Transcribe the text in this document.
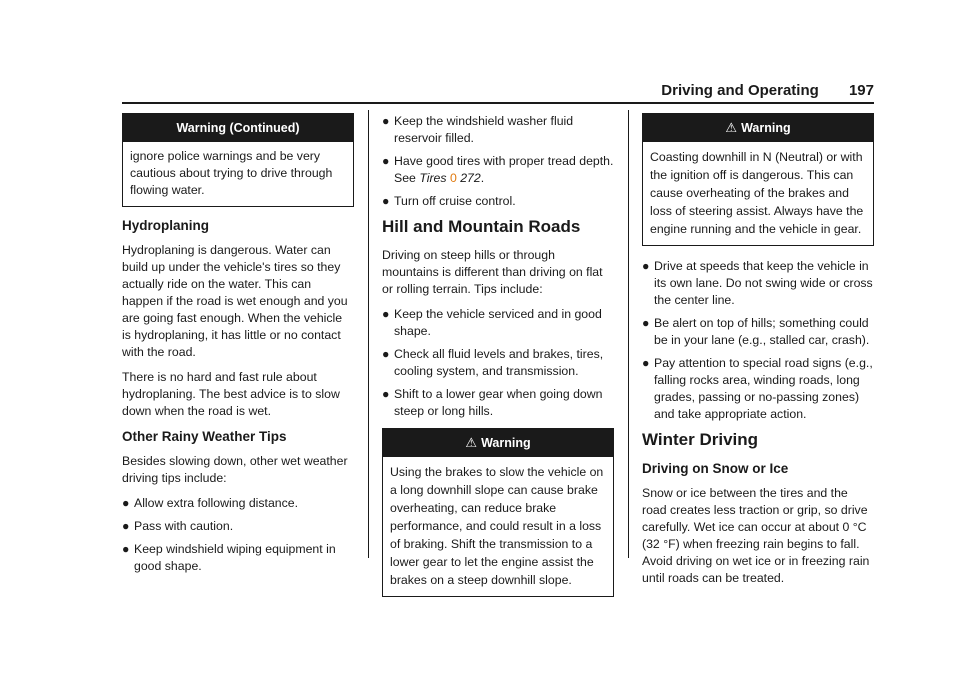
Driving and Operating 197
Warning (Continued)
ignore police warnings and be very cautious about trying to drive through flowing water.
Hydroplaning

Hydroplaning is dangerous. Water can build up under the vehicle's tires so they actually ride on the water. This can happen if the road is wet enough and you are going fast enough. When the vehicle is hydroplaning, it has little or no contact with the road.

There is no hard and fast rule about hydroplaning. The best advice is to slow down when the road is wet.

Other Rainy Weather Tips

Besides slowing down, other wet weather driving tips include:

● Allow extra following distance.
● Pass with caution.
● Keep windshield wiping equipment in good shape.
● Keep the windshield washer fluid reservoir filled.
● Have good tires with proper tread depth. See Tires 0 272.
● Turn off cruise control.
Hill and Mountain Roads

Driving on steep hills or through mountains is different than driving on flat or rolling terrain. Tips include:

● Keep the vehicle serviced and in good shape.
● Check all fluid levels and brakes, tires, cooling system, and transmission.
● Shift to a lower gear when going down steep or long hills.
⚠ Warning
Using the brakes to slow the vehicle on a long downhill slope can cause brake overheating, can reduce brake performance, and could result in a loss of braking. Shift the transmission to a lower gear to let the engine assist the brakes on a steep downhill slope.
⚠ Warning
Coasting downhill in N (Neutral) or with the ignition off is dangerous. This can cause overheating of the brakes and loss of steering assist. Always have the engine running and the vehicle in gear.
● Drive at speeds that keep the vehicle in its own lane. Do not swing wide or cross the center line.
● Be alert on top of hills; something could be in your lane (e.g., stalled car, crash).
● Pay attention to special road signs (e.g., falling rocks area, winding roads, long grades, passing or no-passing zones) and take appropriate action.
Winter Driving
Driving on Snow or Ice

Snow or ice between the tires and the road creates less traction or grip, so drive carefully. Wet ice can occur at about 0 °C (32 °F) when freezing rain begins to fall. Avoid driving on wet ice or in freezing rain until roads can be treated.
